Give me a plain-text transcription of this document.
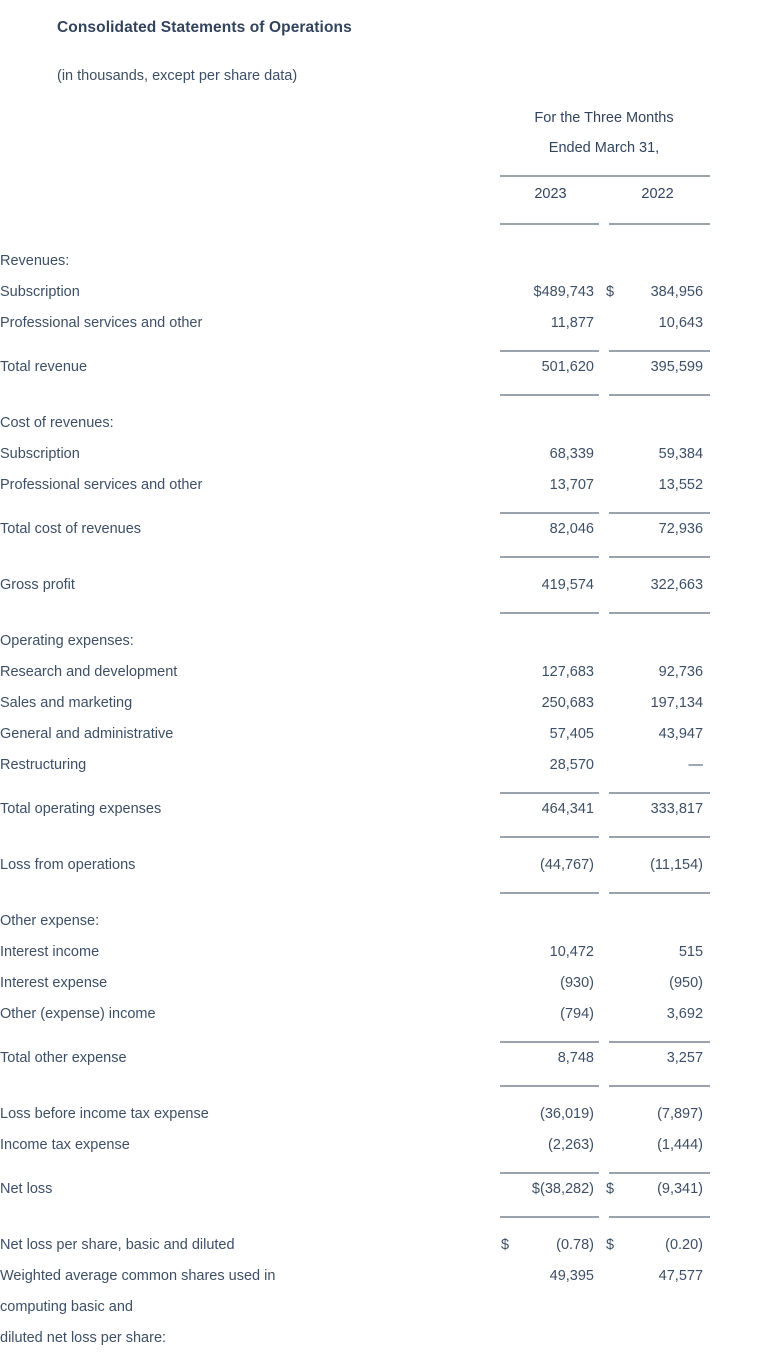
Consolidated Statements of Operations
(in thousands, except per share data)
	For the Three Months		
	Ended March 31,		

	2023	2022	

Revenues:			
Subscription	$489,743	$ 384,956	
Professional services and other	11,877	10,643	

Total revenue	501,620	395,599	

Cost of revenues:			
Subscription	68,339	59,384	
Professional services and other	13,707	13,552	

Total cost of revenues	82,046	72,936	

Gross profit	419,574	322,663	

Operating expenses:			
Research and development	127,683	92,736	
Sales and marketing	250,683	197,134	
General and administrative	57,405	43,947	
Restructuring	28,570	—	

Total operating expenses	464,341	333,817	

Loss from operations	(44,767)	(11,154)	

Other expense:			
Interest income	10,472	515	
Interest expense	(930)	(950)	
Other (expense) income	(794)	3,692	

Total other expense	8,748	3,257	

Loss before income tax expense	(36,019)	(7,897)	
Income tax expense	(2,263)	(1,444)	

Net loss	$(38,282)	$ (9,341)	

Net loss per share, basic and diluted	$ (0.78)	$ (0.20)	
Weighted average common shares used in	49,395	47,577	
computing basic and			
diluted net loss per share:			
